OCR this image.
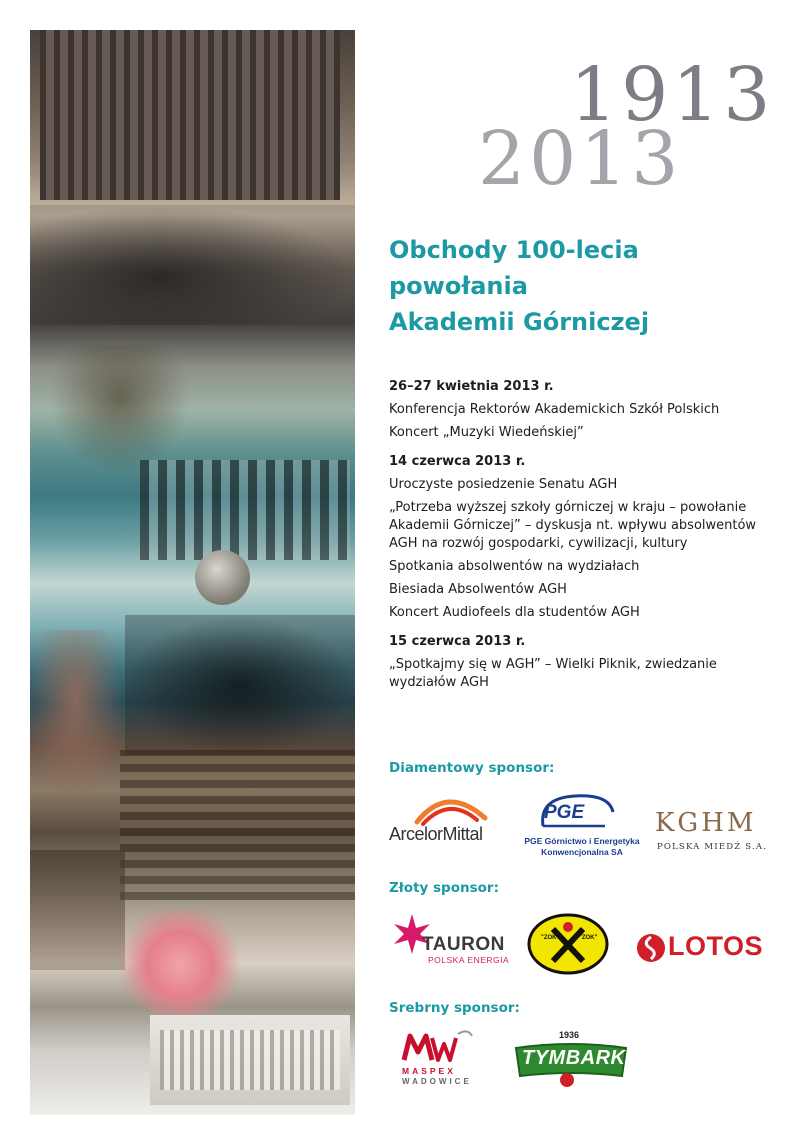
1913
2013
Obchody 100-lecia
powołania
Akademii Górniczej
26–27 kwietnia 2013 r.
Konferencja Rektorów Akademickich Szkół Polskich
Koncert „Muzyki Wiedeńskiej”
14 czerwca 2013 r.
Uroczyste posiedzenie Senatu AGH
„Potrzeba wyższej szkoły górniczej w kraju – powołanie Akademii Górniczej” – dyskusja nt. wpływu absolwentów AGH na rozwój gospodarki, cywilizacji, kultury
Spotkania absolwentów na wydziałach
Biesiada Absolwentów AGH
Koncert Audiofeels dla studentów AGH
15 czerwca 2013 r.
„Spotkajmy się w AGH” – Wielki Piknik, zwiedzanie wydziałów AGH
Diamentowy sponsor:
ArcelorMittal
PGE
PGE Górnictwo i Energetyka Konwencjonalna SA
KGHM
POLSKA MIEDŹ S.A.
Złoty sponsor:
TAURON
POLSKA ENERGIA
"ZOK"	"ZOK"	LOTOS
Srebrny sponsor:
MASPEX
WADOWICE
1936
TYMBARK
